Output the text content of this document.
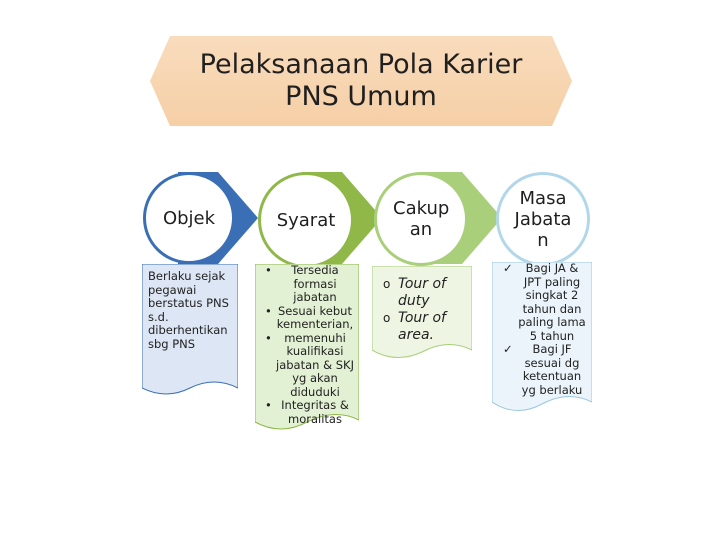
Pelaksanaan Pola Karier
PNS Umum
Objek
Berlaku sejak pegawai berstatus PNS s.d. diberhentikan sbg PNS
Syarat
• Tersedia formasi jabatan
• Sesuai kebut kementerian,
• memenuhi kualifikasi jabatan & SKJ yg akan diduduki
• Integritas & moralitas
Cakup an
o Tour of duty
o Tour of area.
Masa Jabata n
✓ Bagi JA & JPT paling singkat 2 tahun dan paling lama 5 tahun
✓ Bagi JF sesuai dg ketentuan yg berlaku
